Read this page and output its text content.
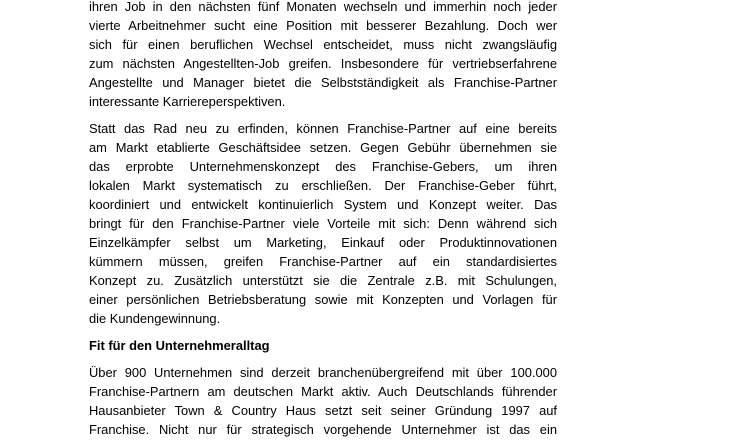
ihren Job in den nächsten fünf Monaten wechseln und immerhin noch jeder
vierte Arbeitnehmer sucht eine Position mit besserer Bezahlung. Doch wer
sich für einen beruflichen Wechsel entscheidet, muss nicht zwangsläufig
zum nächsten Angestellten-Job greifen. Insbesondere für vertriebserfahrene
Angestellte und Manager bietet die Selbstständigkeit als Franchise-Partner
interessante Karriereperspektiven.
Statt das Rad neu zu erfinden, können Franchise-Partner auf eine bereits
am Markt etablierte Geschäftsidee setzen. Gegen Gebühr übernehmen sie
das erprobte Unternehmenskonzept des Franchise-Gebers, um ihren
lokalen Markt systematisch zu erschließen. Der Franchise-Geber führt,
koordiniert und entwickelt kontinuierlich System und Konzept weiter. Das
bringt für den Franchise-Partner viele Vorteile mit sich: Denn während sich
Einzelkämpfer selbst um Marketing, Einkauf oder Produktinnovationen
kümmern müssen, greifen Franchise-Partner auf ein standardisiertes
Konzept zu. Zusätzlich unterstützt sie die Zentrale z.B. mit Schulungen,
einer persönlichen Betriebsberatung sowie mit Konzepten und Vorlagen für
die Kundengewinnung.
Fit für den Unternehmeralltag
Über 900 Unternehmen sind derzeit branchenübergreifend mit über 100.000
Franchise-Partnern am deutschen Markt aktiv. Auch Deutschlands führender
Hausanbieter Town & Country Haus setzt seit seiner Gründung 1997 auf
Franchise. Nicht nur für strategisch vorgehende Unternehmer ist das ein
